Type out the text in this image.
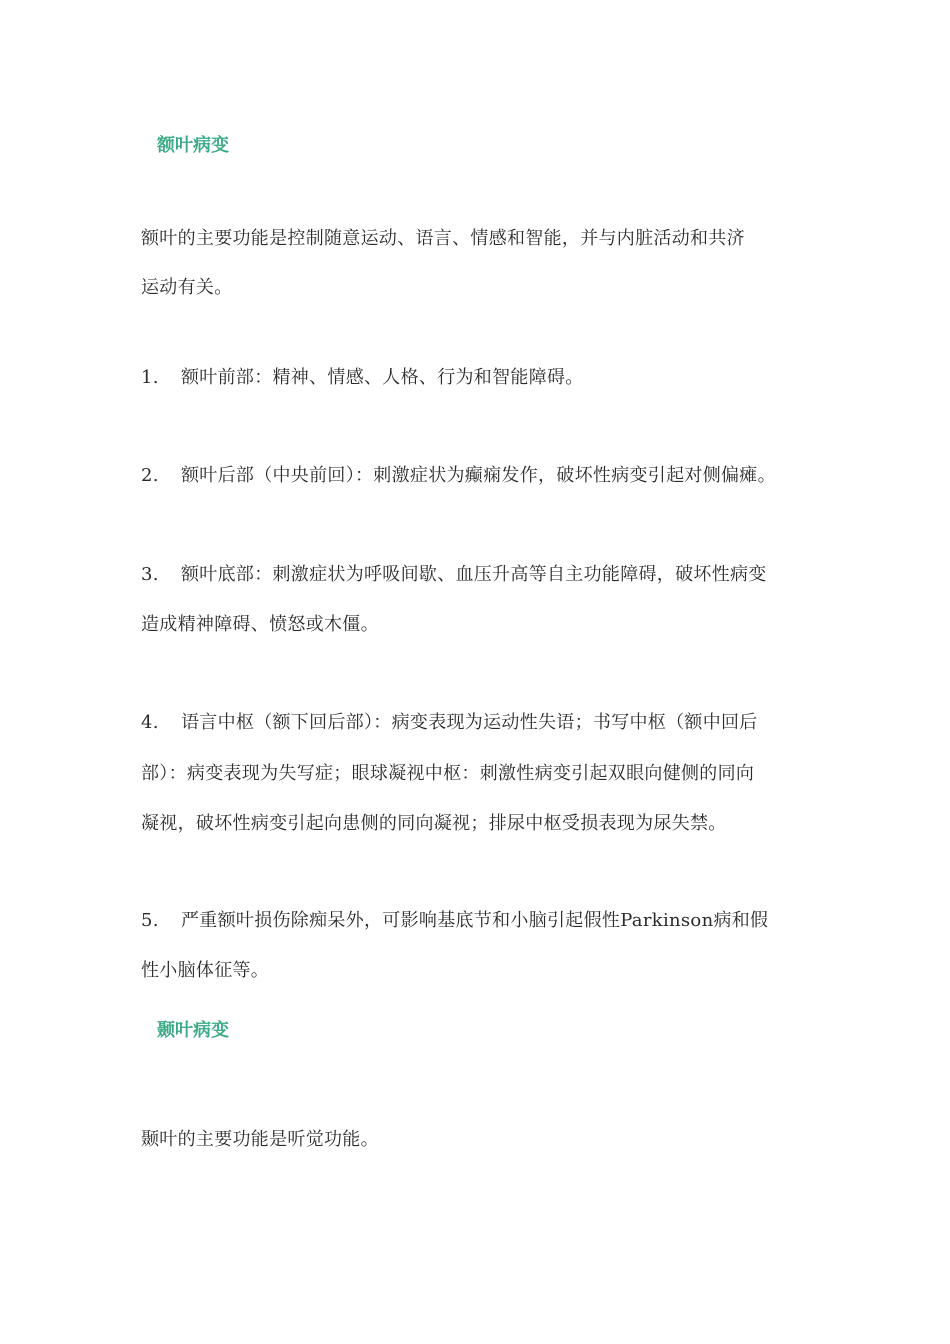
额叶病变
额叶的主要功能是控制随意运动、语言、情感和智能，并与内脏活动和共济
运动有关。
1. 额叶前部：精神、情感、人格、行为和智能障碍。
2. 额叶后部（中央前回）：刺激症状为癫痫发作，破坏性病变引起对侧偏瘫。
3. 额叶底部：刺激症状为呼吸间歇、血压升高等自主功能障碍，破坏性病变
造成精神障碍、愤怒或木僵。
4. 语言中枢（额下回后部）：病变表现为运动性失语；书写中枢（额中回后
部）：病变表现为失写症；眼球凝视中枢：刺激性病变引起双眼向健侧的同向
凝视，破坏性病变引起向患侧的同向凝视；排尿中枢受损表现为尿失禁。
5. 严重额叶损伤除痴呆外，可影响基底节和小脑引起假性Parkinson病和假
性小脑体征等。
颞叶病变
颞叶的主要功能是听觉功能。
